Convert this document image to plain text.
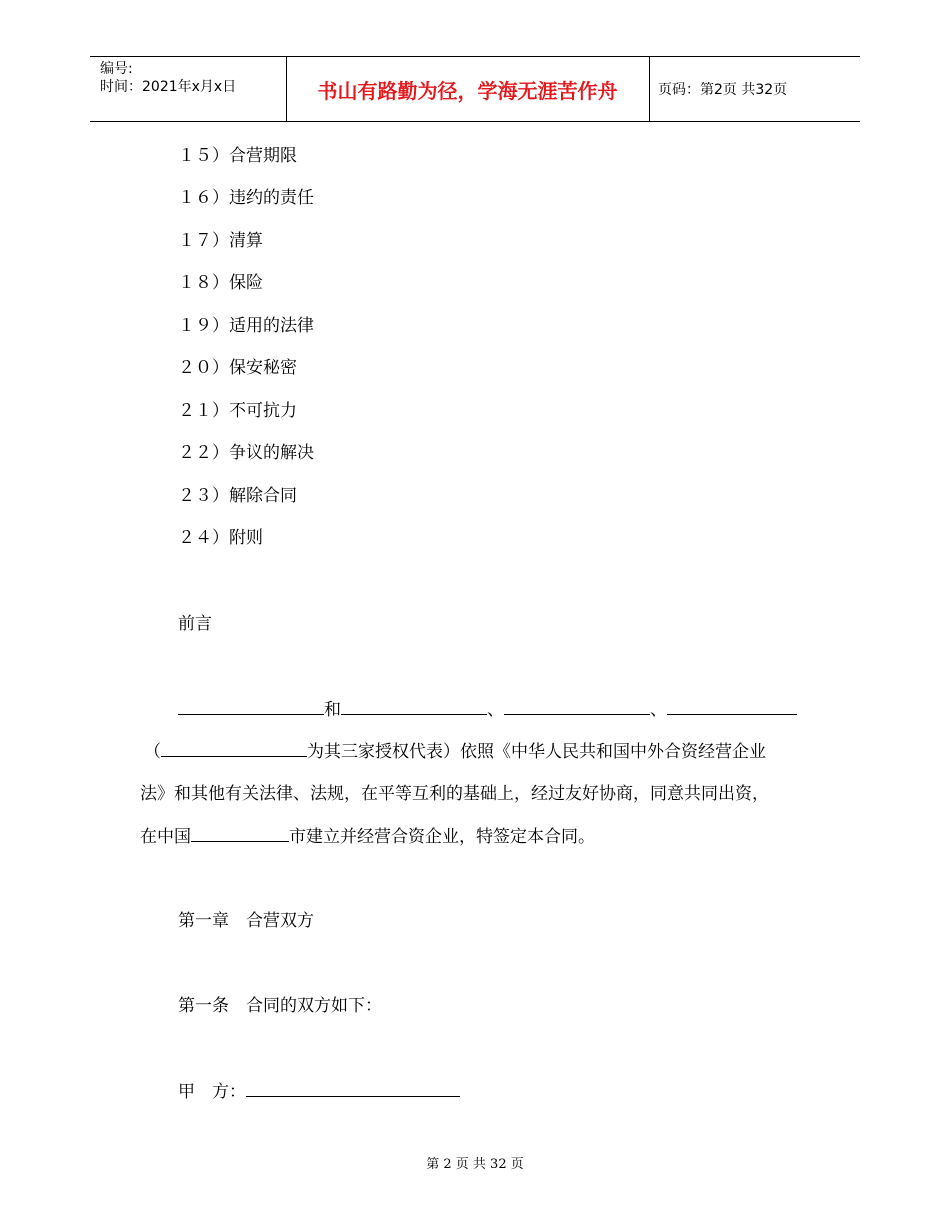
编号:
时间：2021年x月x日	书山有路勤为径，学海无涯苦作舟	页码：第2页 共32页
１５）合营期限
１６）违约的责任
１７）清算
１８）保险
１９）适用的法律
２０）保安秘密
２１）不可抗力
２２）争议的解决
２３）解除合同
２４）附则
前言
和	、	、
（	为其三家授权代表）依照《中华人民共和国中外合资经营企业
法》和其他有关法律、法规，在平等互利的基础上，经过友好协商，同意共同出资，
在中国	市建立并经营合资企业，特签定本合同。
第一章　合营双方
第一条　合同的双方如下：
甲　方：
第 2 页 共 32 页
